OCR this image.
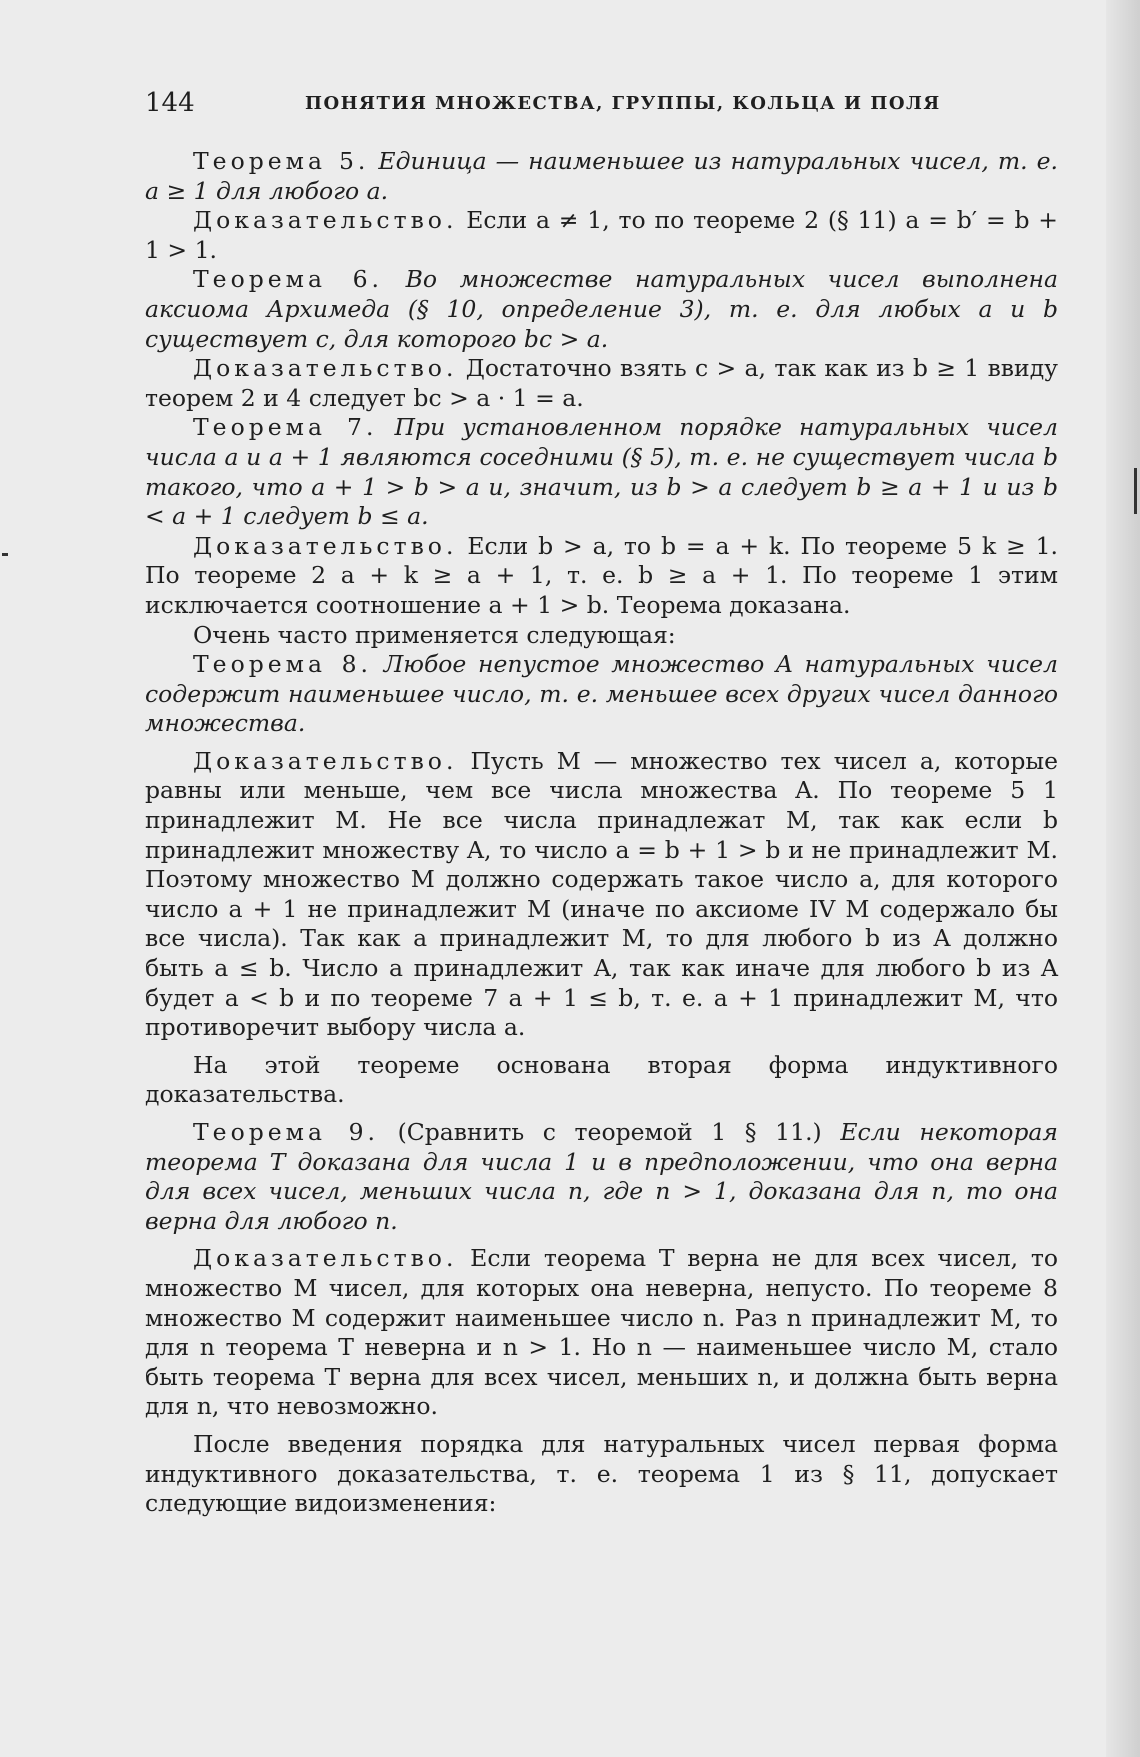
144	ПОНЯТИЯ МНОЖЕСТВА, ГРУППЫ, КОЛЬЦА И ПОЛЯ

Теорема 5. Единица — наименьшее из натуральных чисел, т. е. a ≥ 1 для любого a.

Доказательство. Если a ≠ 1, то по теореме 2 (§ 11) a = b′ = b + 1 > 1.

Теорема 6. Во множестве натуральных чисел выполнена аксиома Архимеда (§ 10, определение 3), т. е. для любых a и b существует c, для которого bc > a.

Доказательство. Достаточно взять c > a, так как из b ≥ 1 ввиду теорем 2 и 4 следует bc > a · 1 = a.

Теорема 7. При установленном порядке натуральных чисел числа a и a + 1 являются соседними (§ 5), т. е. не существует числа b такого, что a + 1 > b > a и, значит, из b > a следует b ≥ a + 1 и из b < a + 1 следует b ≤ a.

Доказательство. Если b > a, то b = a + k. По теореме 5 k ≥ 1. По теореме 2 a + k ≥ a + 1, т. е. b ≥ a + 1. По теореме 1 этим исключается соотношение a + 1 > b. Теорема доказана.

Очень часто применяется следующая:

Теорема 8. Любое непустое множество A натуральных чисел содержит наименьшее число, т. е. меньшее всех других чисел данного множества.

Доказательство. Пусть M — множество тех чисел a, которые равны или меньше, чем все числа множества A. По теореме 5 1 принадлежит M. Не все числа принадлежат M, так как если b принадлежит множеству A, то число a = b + 1 > b и не принадлежит M. Поэтому множество M должно содержать такое число a, для которого число a + 1 не принадлежит M (иначе по аксиоме IV M содержало бы все числа). Так как a принадлежит M, то для любого b из A должно быть a ≤ b. Число a принадлежит A, так как иначе для любого b из A будет a < b и по теореме 7 a + 1 ≤ b, т. е. a + 1 принадлежит M, что противоречит выбору числа a.

На этой теореме основана вторая форма индуктивного доказательства.

Теорема 9. (Сравнить с теоремой 1 § 11.) Если некоторая теорема T доказана для числа 1 и в предположении, что она верна для всех чисел, меньших числа n, где n > 1, доказана для n, то она верна для любого n.

Доказательство. Если теорема T верна не для всех чисел, то множество M чисел, для которых она неверна, непусто. По теореме 8 множество M содержит наименьшее число n. Раз n принадлежит M, то для n теорема T неверна и n > 1. Но n — наименьшее число M, стало быть теорема T верна для всех чисел, меньших n, и должна быть верна для n, что невозможно.

После введения порядка для натуральных чисел первая форма индуктивного доказательства, т. е. теорема 1 из § 11, допускает следующие видоизменения:
